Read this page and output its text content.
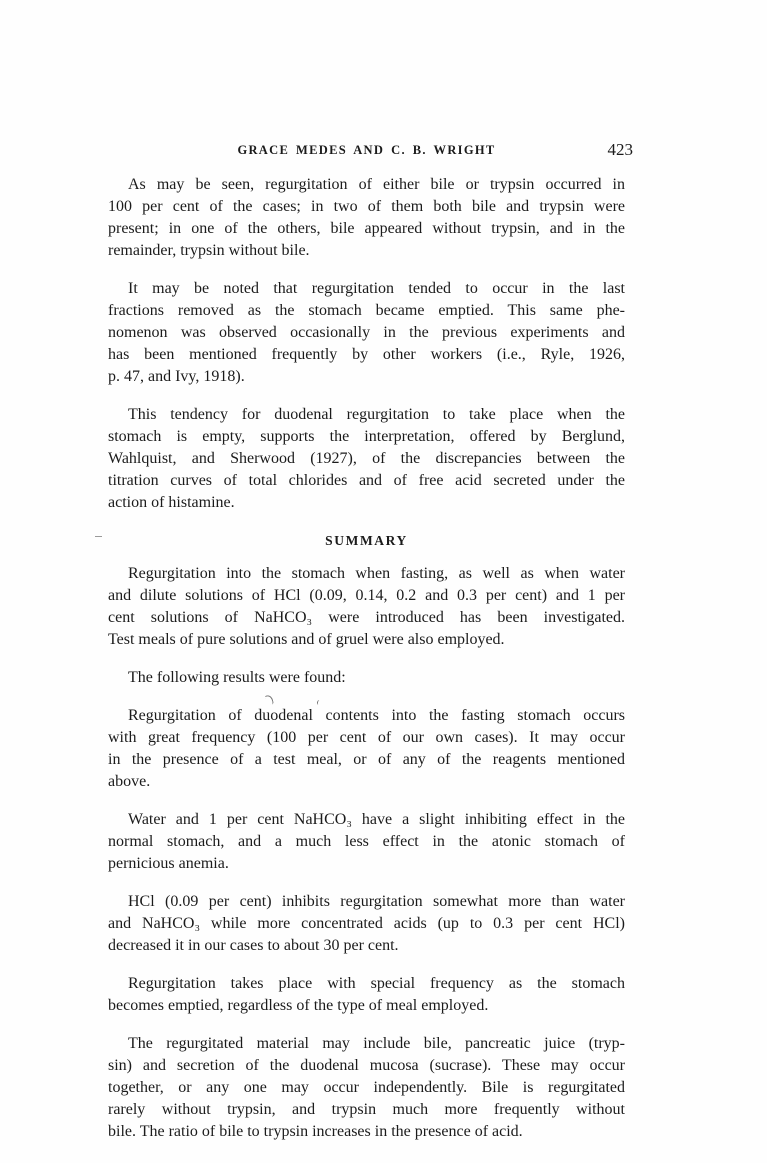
GRACE MEDES AND C. B. WRIGHT	423

As may be seen, regurgitation of either bile or trypsin occurred in
100 per cent of the cases; in two of them both bile and trypsin were
present; in one of the others, bile appeared without trypsin, and in the
remainder, trypsin without bile.

It may be noted that regurgitation tended to occur in the last
fractions removed as the stomach became emptied. This same phe-
nomenon was observed occasionally in the previous experiments and
has been mentioned frequently by other workers (i.e., Ryle, 1926,
p. 47, and Ivy, 1918).

This tendency for duodenal regurgitation to take place when the
stomach is empty, supports the interpretation, offered by Berglund,
Wahlquist, and Sherwood (1927), of the discrepancies between the
titration curves of total chlorides and of free acid secreted under the
action of histamine.

SUMMARY

Regurgitation into the stomach when fasting, as well as when water
and dilute solutions of HCl (0.09, 0.14, 0.2 and 0.3 per cent) and 1 per
cent solutions of NaHCO₃ were introduced has been investigated.
Test meals of pure solutions and of gruel were also employed.

The following results were found:

Regurgitation of duodenal contents into the fasting stomach occurs
with great frequency (100 per cent of our own cases). It may occur
in the presence of a test meal, or of any of the reagents mentioned
above.

Water and 1 per cent NaHCO₃ have a slight inhibiting effect in the
normal stomach, and a much less effect in the atonic stomach of
pernicious anemia.

HCl (0.09 per cent) inhibits regurgitation somewhat more than water
and NaHCO₃ while more concentrated acids (up to 0.3 per cent HCl)
decreased it in our cases to about 30 per cent.

Regurgitation takes place with special frequency as the stomach
becomes emptied, regardless of the type of meal employed.

The regurgitated material may include bile, pancreatic juice (tryp-
sin) and secretion of the duodenal mucosa (sucrase). These may occur
together, or any one may occur independently. Bile is regurgitated
rarely without trypsin, and trypsin much more frequently without
bile. The ratio of bile to trypsin increases in the presence of acid.
